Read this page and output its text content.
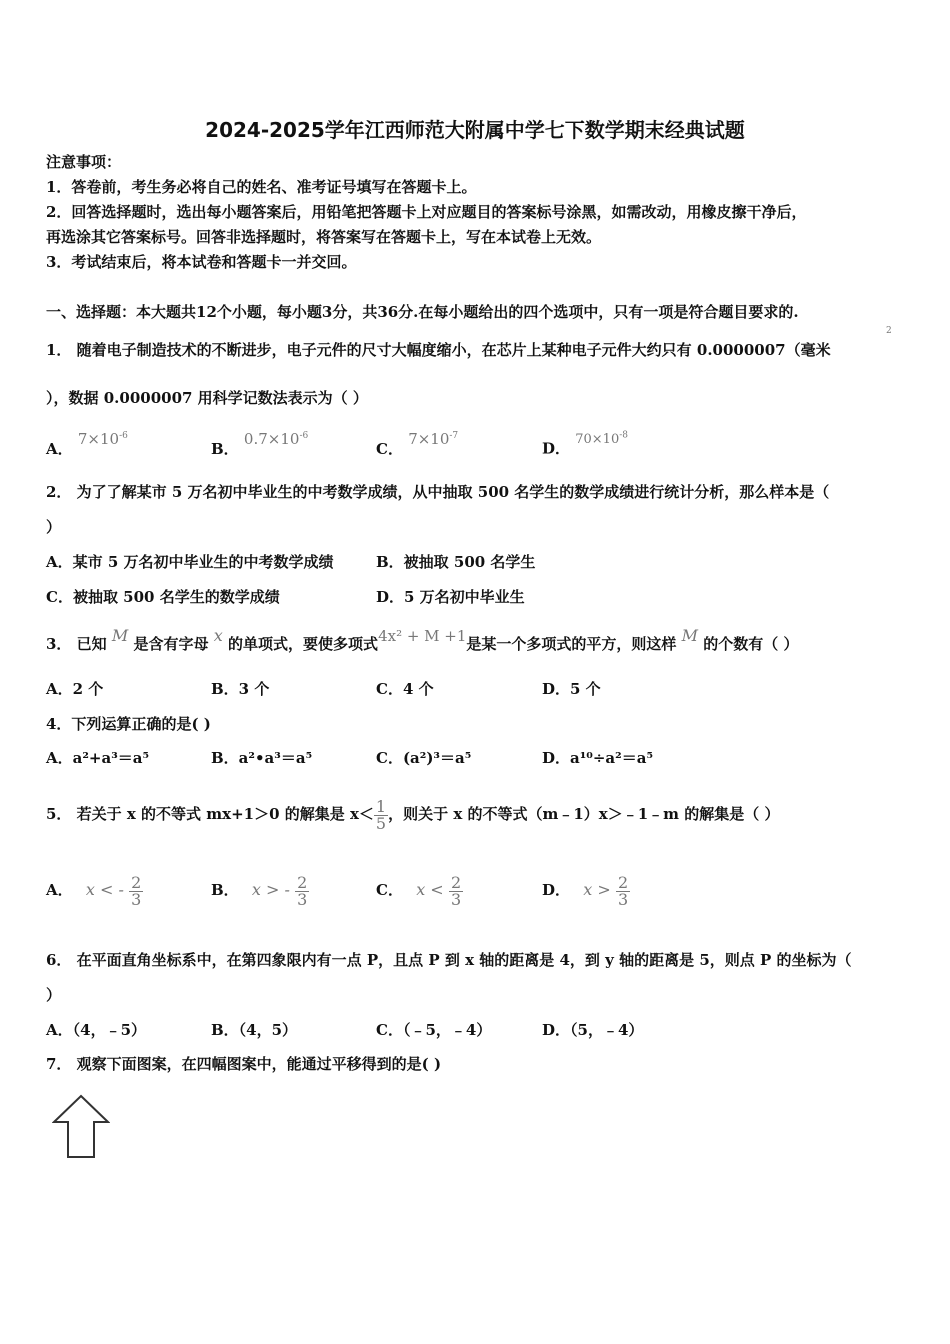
2024-2025学年江西师范大附属中学七下数学期末经典试题
注意事项：
1．答卷前，考生务必将自己的姓名、准考证号填写在答题卡上。
2．回答选择题时，选出每小题答案后，用铅笔把答题卡上对应题目的答案标号涂黑，如需改动，用橡皮擦干净后，
再选涂其它答案标号。回答非选择题时，将答案写在答题卡上，写在本试卷上无效。
3．考试结束后，将本试卷和答题卡一并交回。
一、选择题：本大题共12个小题，每小题3分，共36分.在每小题给出的四个选项中，只有一项是符合题目要求的.
1． 随着电子制造技术的不断进步，电子元件的尺寸大幅度缩小，在芯片上某种电子元件大约只有 0.0000007（毫米
2
），数据 0.0000007 用科学记数法表示为（ ）
A． $7\times 10^{-6}$
B． $0.7\times 10^{-6}$
C． $7\times 10^{-7}$
D． $70\times 10^{-8}$
2． 为了了解某市 5 万名初中毕业生的中考数学成绩，从中抽取 500 名学生的数学成绩进行统计分析，那么样本是（
）
A．某市 5 万名初中毕业生的中考数学成绩	B．被抽取 500 名学生
C．被抽取 500 名学生的数学成绩	D．5 万名初中毕业生
3． 已知 M 是含有字母 x 的单项式，要使多项式4x² + M +1是某一个多项式的平方，则这样 M 的个数有（ ）
A．2 个	B．3 个	C．4 个	D．5 个
4．下列运算正确的是( )
A．a²+a³＝a⁵	B．a²•a³＝a⁵	C．(a²)³＝a⁵	D．a¹⁰÷a²＝a⁵
5． 若关于 x 的不等式 mx+1＞0 的解集是 $x< \frac{1}{5}$ ，则关于 x 的不等式（m﹣1）x＞﹣1﹣m 的解集是（ ）
A． x < - $\frac{2}{3}$	B． x > - $\frac{2}{3}$	C． $x < \frac{2}{3}$	D． $x > \frac{2}{3}$
6． 在平面直角坐标系中，在第四象限内有一点 P，且点 P 到 x 轴的距离是 4，到 y 轴的距离是 5，则点 P 的坐标为（
）
A．（4，﹣5）	B．（4，5）	C．（﹣5，﹣4）	D．（5，﹣4）
7． 观察下面图案，在四幅图案中，能通过平移得到的是( )
